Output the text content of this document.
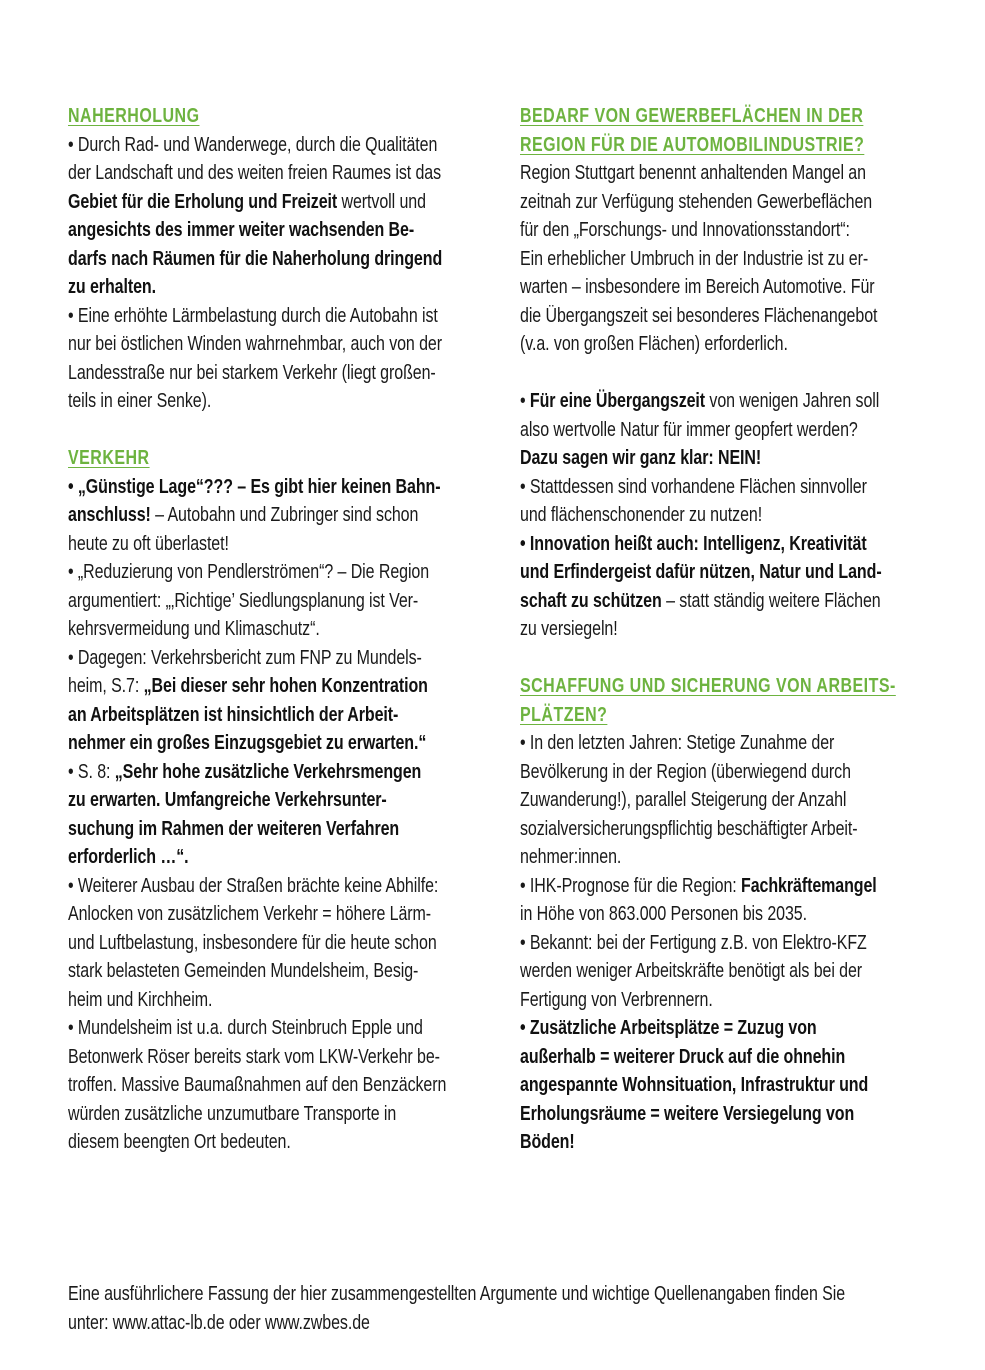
NAHERHOLUNG
• Durch Rad- und Wanderwege, durch die Qualitäten
der Landschaft und des weiten freien Raumes ist das
Gebiet für die Erholung und Freizeit wertvoll und
angesichts des immer weiter wachsenden Be-
darfs nach Räumen für die Naherholung dringend
zu erhalten.
• Eine erhöhte Lärmbelastung durch die Autobahn ist
nur bei östlichen Winden wahrnehmbar, auch von der
Landesstraße nur bei starkem Verkehr (liegt großen-
teils in einer Senke).
VERKEHR
• „Günstige Lage“??? – Es gibt hier keinen Bahn-
anschluss! – Autobahn und Zubringer sind schon
heute zu oft überlastet!
• „Reduzierung von Pendlerströmen“? – Die Region
argumentiert: „‚Richtige’ Siedlungsplanung ist Ver-
kehrsvermeidung und Klimaschutz“.
• Dagegen: Verkehrsbericht zum FNP zu Mundels-
heim, S.7: „Bei dieser sehr hohen Konzentration
an Arbeitsplätzen ist hinsichtlich der Arbeit-
nehmer ein großes Einzugsgebiet zu erwarten.“
• S. 8: „Sehr hohe zusätzliche Verkehrsmengen
zu erwarten. Umfangreiche Verkehrsunter-
suchung im Rahmen der weiteren Verfahren
erforderlich …“.
• Weiterer Ausbau der Straßen brächte keine Abhilfe:
Anlocken von zusätzlichem Verkehr = höhere Lärm-
und Luftbelastung, insbesondere für die heute schon
stark belasteten Gemeinden Mundelsheim, Besig-
heim und Kirchheim.
• Mundelsheim ist u.a. durch Steinbruch Epple und
Betonwerk Röser bereits stark vom LKW-Verkehr be-
troffen. Massive Baumaßnahmen auf den Benzäckern
würden zusätzliche unzumutbare Transporte in
diesem beengten Ort bedeuten.
BEDARF VON GEWERBEFLÄCHEN IN DER
REGION FÜR DIE AUTOMOBILINDUSTRIE?
Region Stuttgart benennt anhaltenden Mangel an
zeitnah zur Verfügung stehenden Gewerbeflächen
für den „Forschungs- und Innovationsstandort“:
Ein erheblicher Umbruch in der Industrie ist zu er-
warten – insbesondere im Bereich Automotive. Für
die Übergangszeit sei besonderes Flächenangebot
(v.a. von großen Flächen) erforderlich.
• Für eine Übergangszeit von wenigen Jahren soll
also wertvolle Natur für immer geopfert werden?
Dazu sagen wir ganz klar: NEIN!
• Stattdessen sind vorhandene Flächen sinnvoller
und flächenschonender zu nutzen!
• Innovation heißt auch: Intelligenz, Kreativität
und Erfindergeist dafür nützen, Natur und Land-
schaft zu schützen – statt ständig weitere Flächen
zu versiegeln!
SCHAFFUNG UND SICHERUNG VON ARBEITS-
PLÄTZEN?
• In den letzten Jahren: Stetige Zunahme der
Bevölkerung in der Region (überwiegend durch
Zuwanderung!), parallel Steigerung der Anzahl
sozialversicherungspflichtig beschäftigter Arbeit-
nehmer:innen.
• IHK-Prognose für die Region: Fachkräftemangel
in Höhe von 863.000 Personen bis 2035.
• Bekannt: bei der Fertigung z.B. von Elektro-KFZ
werden weniger Arbeitskräfte benötigt als bei der
Fertigung von Verbrennern.
• Zusätzliche Arbeitsplätze = Zuzug von
außerhalb = weiterer Druck auf die ohnehin
angespannte Wohnsituation, Infrastruktur und
Erholungsräume = weitere Versiegelung von
Böden!
Eine ausführlichere Fassung der hier zusammengestellten Argumente und wichtige Quellenangaben finden Sie
unter: www.attac-lb.de oder www.zwbes.de
